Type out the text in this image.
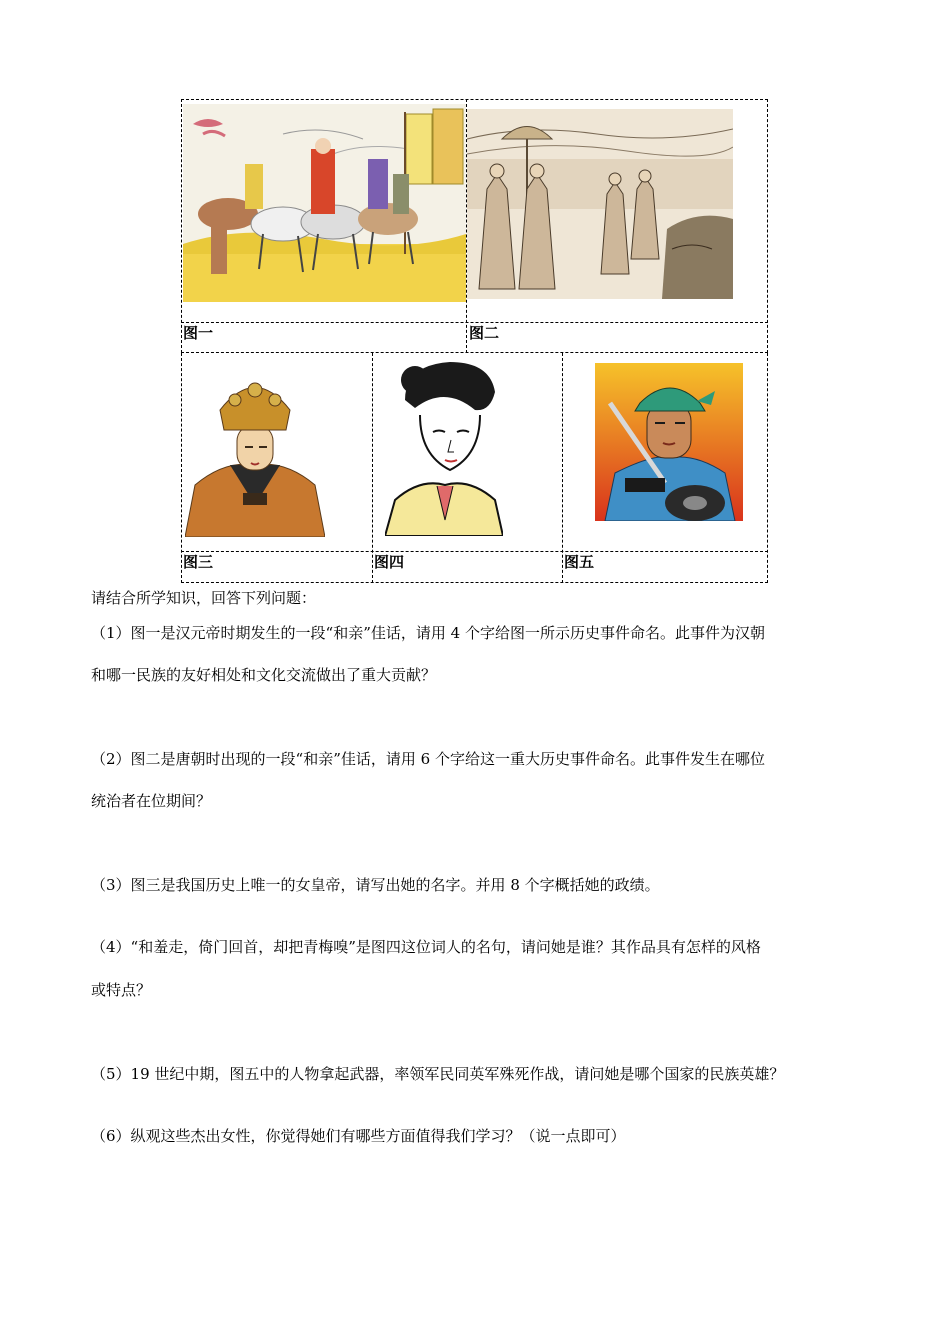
图一	图二
图三	图四	图五
请结合所学知识，回答下列问题：
（1）图一是汉元帝时期发生的一段“和亲”佳话，请用 4 个字给图一所示历史事件命名。此事件为汉朝
和哪一民族的友好相处和文化交流做出了重大贡献？
（2）图二是唐朝时出现的一段“和亲”佳话，请用 6 个字给这一重大历史事件命名。此事件发生在哪位
统治者在位期间？
（3）图三是我国历史上唯一的女皇帝，请写出她的名字。并用 8 个字概括她的政绩。
（4）“和羞走，倚门回首，却把青梅嗅”是图四这位词人的名句，请问她是谁？其作品具有怎样的风格
或特点？
（5）19 世纪中期，图五中的人物拿起武器，率领军民同英军殊死作战，请问她是哪个国家的民族英雄？
（6）纵观这些杰出女性，你觉得她们有哪些方面值得我们学习？（说一点即可）
